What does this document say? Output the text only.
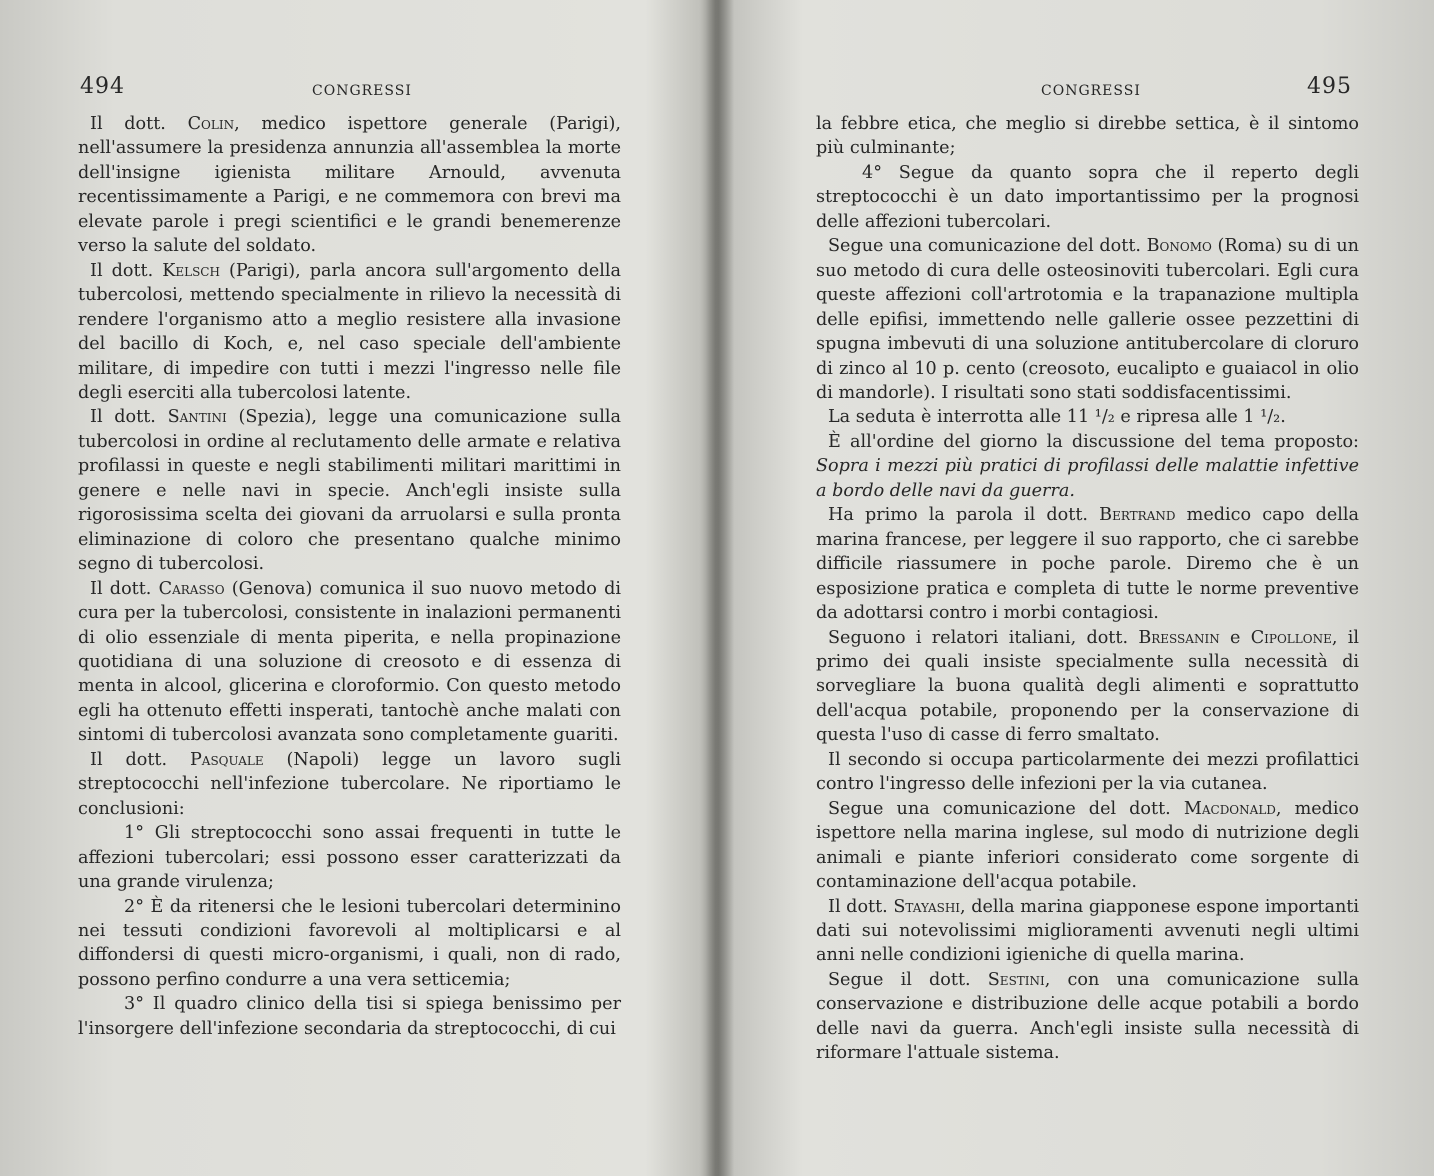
494	CONGRESSI

Il dott. Colin, medico ispettore generale (Parigi), nell'assumere la presidenza annunzia all'assemblea la morte dell'insigne igienista militare Arnould, avvenuta recentissimamente a Parigi, e ne commemora con brevi ma elevate parole i pregi scientifici e le grandi benemerenze verso la salute del soldato.

Il dott. Kelsch (Parigi), parla ancora sull'argomento della tubercolosi, mettendo specialmente in rilievo la necessità di rendere l'organismo atto a meglio resistere alla invasione del bacillo di Koch, e, nel caso speciale dell'ambiente militare, di impedire con tutti i mezzi l'ingresso nelle file degli eserciti alla tubercolosi latente.

Il dott. Santini (Spezia), legge una comunicazione sulla tubercolosi in ordine al reclutamento delle armate e relativa profilassi in queste e negli stabilimenti militari marittimi in genere e nelle navi in specie. Anch'egli insiste sulla rigorosissima scelta dei giovani da arruolarsi e sulla pronta eliminazione di coloro che presentano qualche minimo segno di tubercolosi.

Il dott. Carasso (Genova) comunica il suo nuovo metodo di cura per la tubercolosi, consistente in inalazioni permanenti di olio essenziale di menta piperita, e nella propinazione quotidiana di una soluzione di creosoto e di essenza di menta in alcool, glicerina e cloroformio. Con questo metodo egli ha ottenuto effetti insperati, tantochè anche malati con sintomi di tubercolosi avanzata sono completamente guariti.

Il dott. Pasquale (Napoli) legge un lavoro sugli streptococchi nell'infezione tubercolare. Ne riportiamo le conclusioni:

1° Gli streptococchi sono assai frequenti in tutte le affezioni tubercolari; essi possono esser caratterizzati da una grande virulenza;

2° È da ritenersi che le lesioni tubercolari determinino nei tessuti condizioni favorevoli al moltiplicarsi e al diffondersi di questi micro-organismi, i quali, non di rado, possono perfino condurre a una vera setticemia;

3° Il quadro clinico della tisi si spiega benissimo per l'insorgere dell'infezione secondaria da streptococchi, di cui

CONGRESSI	495

la febbre etica, che meglio si direbbe settica, è il sintomo più culminante;

4° Segue da quanto sopra che il reperto degli streptococchi è un dato importantissimo per la prognosi delle affezioni tubercolari.

Segue una comunicazione del dott. Bonomo (Roma) su di un suo metodo di cura delle osteosinoviti tubercolari. Egli cura queste affezioni coll'artrotomia e la trapanazione multipla delle epifisi, immettendo nelle gallerie ossee pezzettini di spugna imbevuti di una soluzione antitubercolare di cloruro di zinco al 10 p. cento (creosoto, eucalipto e guaiacol in olio di mandorle). I risultati sono stati soddisfacentissimi.

La seduta è interrotta alle 11 ¹/₂ e ripresa alle 1 ¹/₂.

È all'ordine del giorno la discussione del tema proposto: Sopra i mezzi più pratici di profilassi delle malattie infettive a bordo delle navi da guerra.

Ha primo la parola il dott. Bertrand medico capo della marina francese, per leggere il suo rapporto, che ci sarebbe difficile riassumere in poche parole. Diremo che è un esposizione pratica e completa di tutte le norme preventive da adottarsi contro i morbi contagiosi.

Seguono i relatori italiani, dott. Bressanin e Cipollone, il primo dei quali insiste specialmente sulla necessità di sorvegliare la buona qualità degli alimenti e soprattutto dell'acqua potabile, proponendo per la conservazione di questa l'uso di casse di ferro smaltato.

Il secondo si occupa particolarmente dei mezzi profilattici contro l'ingresso delle infezioni per la via cutanea.

Segue una comunicazione del dott. Macdonald, medico ispettore nella marina inglese, sul modo di nutrizione degli animali e piante inferiori considerato come sorgente di contaminazione dell'acqua potabile.

Il dott. Stayashi, della marina giapponese espone importanti dati sui notevolissimi miglioramenti avvenuti negli ultimi anni nelle condizioni igieniche di quella marina.

Segue il dott. Sestini, con una comunicazione sulla conservazione e distribuzione delle acque potabili a bordo delle navi da guerra. Anch'egli insiste sulla necessità di riformare l'attuale sistema.
